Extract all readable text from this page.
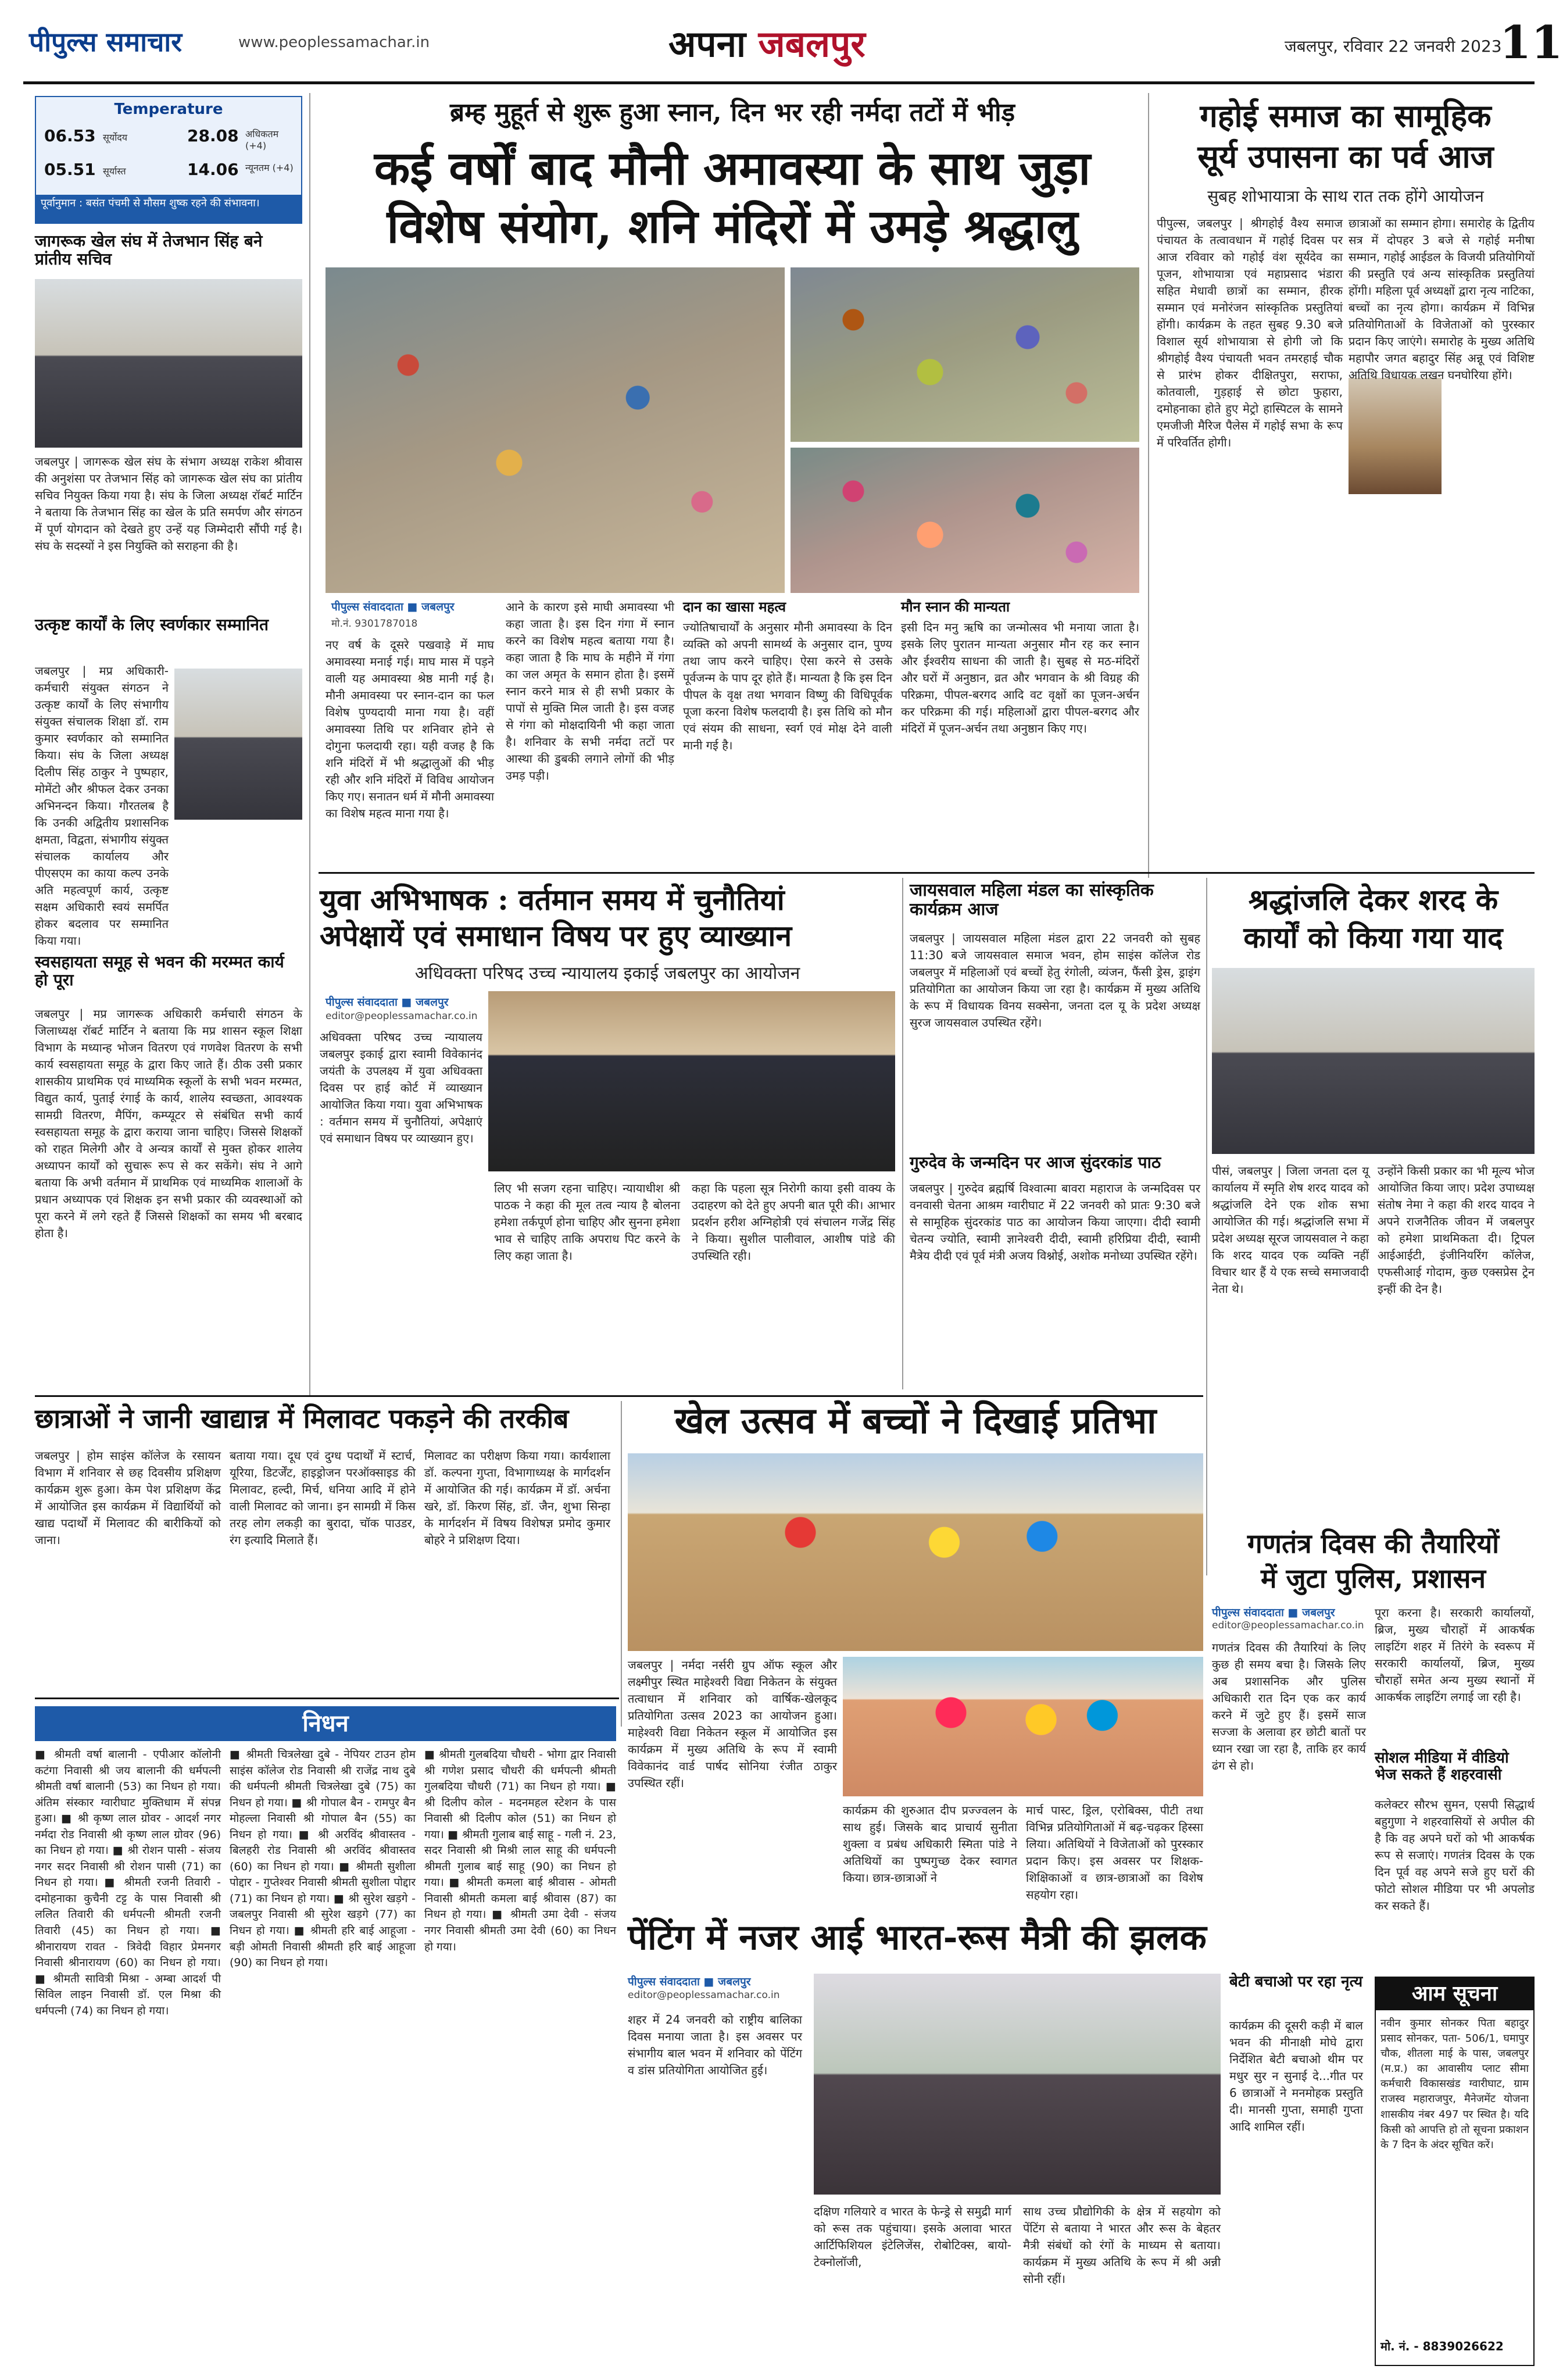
पीपुल्स समाचार	www.peoplessamachar.in	अपना जबलपुर	जबलपुर, रविवार 22 जनवरी 2023
11
Temperature
06.53 सूर्योदय	28.08 अधिकतम (+4)
05.51 सूर्यास्त	14.06 न्यूनतम (+4)
पूर्वानुमान : बसंत पंचमी से मौसम शुष्क रहने की संभावना।
जागरूक खेल संघ में तेजभान सिंह बने प्रांतीय सचिव
जबलपुर | जागरूक खेल संघ के संभाग अध्यक्ष राकेश श्रीवास की अनुशंसा पर तेजभान सिंह को जागरूक खेल संघ का प्रांतीय सचिव नियुक्त किया गया है। संघ के जिला अध्यक्ष रॉबर्ट मार्टिन ने बताया कि तेजभान सिंह का खेल के प्रति समर्पण और संगठन में पूर्ण योगदान को देखते हुए उन्हें यह जिम्मेदारी सौंपी गई है। संघ के सदस्यों ने इस नियुक्ति को सराहना की है।
उत्कृष्ट कार्यों के लिए स्वर्णकार सम्मानित
जबलपुर | मप्र अधिकारी-कर्मचारी संयुक्त संगठन ने उत्कृष्ट कार्यों के लिए संभागीय संयुक्त संचालक शिक्षा डॉ. राम कुमार स्वर्णकार को सम्मानित किया। संघ के जिला अध्यक्ष दिलीप सिंह ठाकुर ने पुष्पहार, मोमेंटो और श्रीफल देकर उनका अभिनन्दन किया। गौरतलब है कि उनकी अद्वितीय प्रशासनिक क्षमता, विद्वता, संभागीय संयुक्त संचालक कार्यालय और पीएसएम का काया कल्प उनके अति महत्वपूर्ण कार्य, उत्कृष्ट सक्षम अधिकारी स्वयं समर्पित होकर बदलाव पर सम्मानित किया गया।
स्वसहायता समूह से भवन की मरम्मत कार्य हो पूरा
जबलपुर | मप्र जागरूक अधिकारी कर्मचारी संगठन के जिलाध्यक्ष रॉबर्ट मार्टिन ने बताया कि मप्र शासन स्कूल शिक्षा विभाग के मध्यान्ह भोजन वितरण एवं गणवेश वितरण के सभी कार्य स्वसहायता समूह के द्वारा किए जाते हैं। ठीक उसी प्रकार शासकीय प्राथमिक एवं माध्यमिक स्कूलों के सभी भवन मरम्मत, विद्युत कार्य, पुताई रंगाई के कार्य, शालेय स्वच्छता, आवश्यक सामग्री वितरण, मैपिंग, कम्प्यूटर से संबंधित सभी कार्य स्वसहायता समूह के द्वारा कराया जाना चाहिए। जिससे शिक्षकों को राहत मिलेगी और वे अन्यत्र कार्यों से मुक्त होकर शालेय अध्यापन कार्यों को सुचारू रूप से कर सकेंगे। संघ ने आगे बताया कि अभी वर्तमान में प्राथमिक एवं माध्यमिक शालाओं के प्रधान अध्यापक एवं शिक्षक इन सभी प्रकार की व्यवस्थाओं को पूरा करने में लगे रहते हैं जिससे शिक्षकों का समय भी बरबाद होता है।
ब्रम्ह मुहूर्त से शुरू हुआ स्नान, दिन भर रही नर्मदा तटों में भीड़
कई वर्षों बाद मौनी अमावस्या के साथ जुड़ा
विशेष संयोग, शनि मंदिरों में उमड़े श्रद्धालु
पीपुल्स संवाददाता ■ जबलपुर
मो.नं. 9301787018
नए वर्ष के दूसरे पखवाड़े में माघ अमावस्या मनाई गई। माघ मास में पड़ने वाली यह अमावस्या श्रेष्ठ मानी गई है। मौनी अमावस्या पर स्नान-दान का फल विशेष पुण्यदायी माना गया है। वहीं अमावस्या तिथि पर शनिवार होने से दोगुना फलदायी रहा। यही वजह है कि शनि मंदिरों में भी श्रद्धालुओं की भीड़ रही और शनि मंदिरों में विविध आयोजन किए गए। सनातन धर्म में मौनी अमावस्या का विशेष महत्व माना गया है।
आने के कारण इसे माघी अमावस्या भी कहा जाता है। इस दिन गंगा में स्नान करने का विशेष महत्व बताया गया है। कहा जाता है कि माघ के महीने में गंगा का जल अमृत के समान होता है। इसमें स्नान करने मात्र से ही सभी प्रकार के पापों से मुक्ति मिल जाती है। इस वजह से गंगा को मोक्षदायिनी भी कहा जाता है। शनिवार के सभी नर्मदा तटों पर आस्था की डुबकी लगाने लोगों की भीड़ उमड़ पड़ी।
दान का खासा महत्व
ज्योतिषाचार्यों के अनुसार मौनी अमावस्या के दिन व्यक्ति को अपनी सामर्थ्य के अनुसार दान, पुण्य तथा जाप करने चाहिए। ऐसा करने से उसके पूर्वजन्म के पाप दूर होते हैं। मान्यता है कि इस दिन पीपल के वृक्ष तथा भगवान विष्णु की विधिपूर्वक पूजा करना विशेष फलदायी है। इस तिथि को मौन एवं संयम की साधना, स्वर्ग एवं मोक्ष देने वाली मानी गई है।
मौन स्नान की मान्यता
इसी दिन मनु ऋषि का जन्मोत्सव भी मनाया जाता है। इसके लिए पुरातन मान्यता अनुसार मौन रह कर स्नान और ईश्वरीय साधना की जाती है। सुबह से मठ-मंदिरों और घरों में अनुष्ठान, व्रत और भगवान के श्री विग्रह की परिक्रमा, पीपल-बरगद आदि वट वृक्षों का पूजन-अर्चन कर परिक्रमा की गई। महिलाओं द्वारा पीपल-बरगद और मंदिरों में पूजन-अर्चन तथा अनुष्ठान किए गए।
गहोई समाज का सामूहिक
सूर्य उपासना का पर्व आज
सुबह शोभायात्रा के साथ रात तक होंगे आयोजन
पीपुल्स, जबलपुर | श्रीगहोई वैश्य समाज पंचायत के तत्वावधान में गहोई दिवस पर आज रविवार को गहोई वंश सूर्यदेव का पूजन, शोभायात्रा एवं महाप्रसाद भंडारा सहित मेधावी छात्रों का सम्मान, हीरक सम्मान एवं मनोरंजन सांस्कृतिक प्रस्तुतियां होंगी। कार्यक्रम के तहत सुबह 9.30 बजे विशाल सूर्य शोभायात्रा से होगी जो कि श्रीगहोई वैश्य पंचायती भवन तमरहाई चौक से प्रारंभ होकर दीक्षितपुरा, सराफा, कोतवाली, गुड़हाई से छोटा फुहारा, दमोहनाका होते हुए मेट्रो हास्पिटल के सामने एमजीजी मैरिज पैलेस में गहोई सभा के रूप में परिवर्तित होगी।
छात्राओं का सम्मान होगा। समारोह के द्वितीय सत्र में दोपहर 3 बजे से गहोई मनीषा सम्मान, गहोई आईडल के विजयी प्रतियोगियों की प्रस्तुति एवं अन्य सांस्कृतिक प्रस्तुतियां होंगी। महिला पूर्व अध्यक्षों द्वारा नृत्य नाटिका, बच्चों का नृत्य होगा। कार्यक्रम में विभिन्न प्रतियोगिताओं के विजेताओं को पुरस्कार प्रदान किए जाएंगे। समारोह के मुख्य अतिथि महापौर जगत बहादुर सिंह अन्नू एवं विशिष्ट अतिथि विधायक लखन घनघोरिया होंगे।
युवा अभिभाषक : वर्तमान समय में चुनौतियां
अपेक्षायें एवं समाधान विषय पर हुए व्याख्यान
अधिवक्ता परिषद उच्च न्यायालय इकाई जबलपुर का आयोजन
पीपुल्स संवाददाता ■ जबलपुर
editor@peoplessamachar.co.in
अधिवक्ता परिषद उच्च न्यायालय जबलपुर इकाई द्वारा स्वामी विवेकानंद जयंती के उपलक्ष्य में युवा अधिवक्ता दिवस पर हाई कोर्ट में व्याख्यान आयोजित किया गया। युवा अभिभाषक : वर्तमान समय में चुनौतियां, अपेक्षाएं एवं समाधान विषय पर व्याख्यान हुए।
लिए भी सजग रहना चाहिए। न्यायाधीश श्री पाठक ने कहा की मूल तत्व न्याय है बोलना हमेशा तर्कपूर्ण होना चाहिए और सुनना हमेशा भाव से चाहिए ताकि अपराध पिट करने के लिए कहा जाता है।
कहा कि पहला सूत्र निरोगी काया इसी वाक्य के उदाहरण को देते हुए अपनी बात पूरी की। आभार प्रदर्शन हरीश अग्निहोत्री एवं संचालन गजेंद्र सिंह ने किया। सुशील पालीवाल, आशीष पांडे की उपस्थिति रही।
जायसवाल महिला मंडल का सांस्कृतिक कार्यक्रम आज
जबलपुर | जायसवाल महिला मंडल द्वारा 22 जनवरी को सुबह 11:30 बजे जायसवाल समाज भवन, होम साइंस कॉलेज रोड जबलपुर में महिलाओं एवं बच्चों हेतु रंगोली, व्यंजन, फैंसी ड्रेस, ड्राइंग प्रतियोगिता का आयोजन किया जा रहा है। कार्यक्रम में मुख्य अतिथि के रूप में विधायक विनय सक्सेना, जनता दल यू के प्रदेश अध्यक्ष सुरज जायसवाल उपस्थित रहेंगे।
गुरुदेव के जन्मदिन पर आज सुंदरकांड पाठ
जबलपुर | गुरुदेव ब्रह्मर्षि विश्वात्मा बावरा महाराज के जन्मदिवस पर वनवासी चेतना आश्रम ग्वारीघाट में 22 जनवरी को प्रातः 9:30 बजे से सामूहिक सुंदरकांड पाठ का आयोजन किया जाएगा। दीदी स्वामी चेतन्य ज्योति, स्वामी ज्ञानेश्वरी दीदी, स्वामी हरिप्रिया दीदी, स्वामी मैत्रेय दीदी एवं पूर्व मंत्री अजय विश्नोई, अशोक मनोध्या उपस्थित रहेंगे।
श्रद्धांजलि देकर शरद के
कार्यों को किया गया याद
पीसं, जबलपुर | जिला जनता दल यू कार्यालय में स्मृति शेष शरद यादव को श्रद्धांजलि देने एक शोक सभा आयोजित की गई। श्रद्धांजलि सभा में प्रदेश अध्यक्ष सूरज जायसवाल ने कहा कि शरद यादव एक व्यक्ति नहीं विचार थार हैं ये एक सच्चे समाजवादी नेता थे।
उन्होंने किसी प्रकार का भी मूल्य भोज आयोजित किया जाए। प्रदेश उपाध्यक्ष संतोष नेमा ने कहा की शरद यादव ने अपने राजनैतिक जीवन में जबलपुर को हमेशा प्राथमिकता दी। ट्रिपल आईआईटी, इंजीनियरिंग कॉलेज, एफसीआई गोदाम, कुछ एक्सप्रेस ट्रेन इन्हीं की देन है।
छात्राओं ने जानी खाद्यान्न में मिलावट पकड़ने की तरकीब
जबलपुर | होम साइंस कॉलेज के रसायन विभाग में शनिवार से छह दिवसीय प्रशिक्षण कार्यक्रम शुरू हुआ। केम पेश प्रशिक्षण केंद्र में आयोजित इस कार्यक्रम में विद्यार्थियों को खाद्य पदार्थों में मिलावट की बारीकियों को जाना।
बताया गया। दूध एवं दुग्ध पदार्थों में स्टार्च, यूरिया, डिटर्जेंट, हाइड्रोजन परऑक्साइड की मिलावट, हल्दी, मिर्च, धनिया आदि में होने वाली मिलावट को जाना। इन सामग्री में किस तरह लोग लकड़ी का बुरादा, चॉक पाउडर, रंग इत्यादि मिलाते हैं।
मिलावट का परीक्षण किया गया। कार्यशाला डॉ. कल्पना गुप्ता, विभागाध्यक्ष के मार्गदर्शन में आयोजित की गई। कार्यक्रम में डॉ. अर्चना खरे, डॉ. किरण सिंह, डॉ. जैन, शुभा सिन्हा के मार्गदर्शन में विषय विशेषज्ञ प्रमोद कुमार बोहरे ने प्रशिक्षण दिया।
खेल उत्सव में बच्चों ने दिखाई प्रतिभा
जबलपुर | नर्मदा नर्सरी ग्रुप ऑफ स्कूल और लक्ष्मीपुर स्थित माहेश्वरी विद्या निकेतन के संयुक्त तत्वाधान में शनिवार को वार्षिक-खेलकूद प्रतियोगिता उत्सव 2023 का आयोजन हुआ। माहेश्वरी विद्या निकेतन स्कूल में आयोजित इस कार्यक्रम में मुख्य अतिथि के रूप में स्वामी विवेकानंद वार्ड पार्षद सोनिया रंजीत ठाकुर उपस्थित रहीं।
कार्यक्रम की शुरुआत दीप प्रज्ज्वलन के साथ हुई। जिसके बाद प्राचार्य सुनीता शुक्ला व प्रबंध अधिकारी स्मिता पांडे ने अतिथियों का पुष्पगुच्छ देकर स्वागत किया। छात्र-छात्राओं ने
मार्च पास्ट, ड्रिल, एरोबिक्स, पीटी तथा विभिन्न प्रतियोगिताओं में बढ़-चढ़कर हिस्सा लिया। अतिथियों ने विजेताओं को पुरस्कार प्रदान किए। इस अवसर पर शिक्षक-शिक्षिकाओं व छात्र-छात्राओं का विशेष सहयोग रहा।
निधन
■ श्रीमती वर्षा बालानी - एपीआर कॉलोनी कटंगा निवासी श्री जय बालानी की धर्मपत्नी श्रीमती वर्षा बालानी (53) का निधन हो गया। अंतिम संस्कार ग्वारीघाट मुक्तिधाम में संपन्न हुआ। ■ श्री कृष्ण लाल ग्रोवर - आदर्श नगर नर्मदा रोड निवासी श्री कृष्ण लाल ग्रोवर (96) का निधन हो गया। ■ श्री रोशन पासी - संजय नगर सदर निवासी श्री रोशन पासी (71) का निधन हो गया। ■ श्रीमती रजनी तिवारी - दमोहनाका कुचैनी टट्ट के पास निवासी श्री ललित तिवारी की धर्मपत्नी श्रीमती रजनी तिवारी (45) का निधन हो गया। ■ श्रीनारायण रावत - त्रिवेदी विहार प्रेमनगर निवासी श्रीनारायण (60) का निधन हो गया। ■ श्रीमती सावित्री मिश्रा - अम्बा आदर्श पी सिविल लाइन निवासी डॉ. एल मिश्रा की धर्मपत्नी (74) का निधन हो गया।
■ श्रीमती चित्रलेखा दुबे - नेपियर टाउन होम साइंस कॉलेज रोड निवासी श्री राजेंद्र नाथ दुबे की धर्मपत्नी श्रीमती चित्रलेखा दुबे (75) का निधन हो गया। ■ श्री गोपाल बैन - रामपुर बैन मोहल्ला निवासी श्री गोपाल बैन (55) का निधन हो गया। ■ श्री अरविंद श्रीवास्तव - बिलहरी रोड निवासी श्री अरविंद श्रीवास्तव (60) का निधन हो गया। ■ श्रीमती सुशीला पोद्दार - गुप्तेश्वर निवासी श्रीमती सुशीला पोद्दार (71) का निधन हो गया। ■ श्री सुरेश खड़गे - जबलपुर निवासी श्री सुरेश खड़गे (77) का निधन हो गया। ■ श्रीमती हरि बाई आहूजा - बड़ी ओमती निवासी श्रीमती हरि बाई आहूजा (90) का निधन हो गया।
■ श्रीमती गुलबदिया चौधरी - भोगा द्वार निवासी श्री गणेश प्रसाद चौधरी की धर्मपत्नी श्रीमती गुलबदिया चौधरी (71) का निधन हो गया। ■ श्री दिलीप कोल - मदनमहल स्टेशन के पास निवासी श्री दिलीप कोल (51) का निधन हो गया। ■ श्रीमती गुलाब बाई साहू - गली नं. 23, सदर निवासी श्री मिश्री लाल साहू की धर्मपत्नी श्रीमती गुलाब बाई साहू (90) का निधन हो गया। ■ श्रीमती कमला बाई श्रीवास - ओमती निवासी श्रीमती कमला बाई श्रीवास (87) का निधन हो गया। ■ श्रीमती उमा देवी - संजय नगर निवासी श्रीमती उमा देवी (60) का निधन हो गया।
गणतंत्र दिवस की तैयारियों
में जुटा पुलिस, प्रशासन
पीपुल्स संवाददाता ■ जबलपुर
editor@peoplessamachar.co.in
गणतंत्र दिवस की तैयारियां के लिए कुछ ही समय बचा है। जिसके लिए अब प्रशासनिक और पुलिस अधिकारी रात दिन एक कर कार्य करने में जुटे हुए हैं। इसमें साज सज्जा के अलावा हर छोटी बातों पर ध्यान रखा जा रहा है, ताकि हर कार्य ढंग से हो।
पूरा करना है। सरकारी कार्यालयों, ब्रिज, मुख्य चौराहों में आकर्षक लाइटिंग शहर में तिरंगे के स्वरूप में सरकारी कार्यालयों, ब्रिज, मुख्य चौराहों समेत अन्य मुख्य स्थानों में आकर्षक लाइटिंग लगाई जा रही है।
सोशल मीडिया में वीडियो भेज सकते हैं शहरवासी
कलेक्टर सौरभ सुमन, एसपी सिद्धार्थ बहुगुणा ने शहरवासियों से अपील की है कि वह अपने घरों को भी आकर्षक रूप से सजाएं। गणतंत्र दिवस के एक दिन पूर्व वह अपने सजे हुए घरों की फोटो सोशल मीडिया पर भी अपलोड कर सकते हैं।
पेंटिंग में नजर आई भारत-रूस मैत्री की झलक
पीपुल्स संवाददाता ■ जबलपुर
editor@peoplessamachar.co.in
शहर में 24 जनवरी को राष्ट्रीय बालिका दिवस मनाया जाता है। इस अवसर पर संभागीय बाल भवन में शनिवार को पेंटिंग व डांस प्रतियोगिता आयोजित हुई।
दक्षिण गलियारे व भारत के फेन्ड्रे से समुद्री मार्ग को रूस तक पहुंचाया। इसके अलावा भारत आर्टिफिशियल इंटेलिजेंस, रोबोटिक्स, बायो-टेक्नोलॉजी,
साथ उच्च प्रौद्योगिकी के क्षेत्र में सहयोग को पेंटिंग से बताया ने भारत और रूस के बेहतर मैत्री संबंधों को रंगों के माध्यम से बताया। कार्यक्रम में मुख्य अतिथि के रूप में श्री अन्नी सोनी रहीं।
बेटी बचाओ पर रहा नृत्य
कार्यक्रम की दूसरी कड़ी में बाल भवन की मीनाक्षी मोघे द्वारा निर्देशित बेटी बचाओ थीम पर मधुर सुर न सुनाई दे...गीत पर 6 छात्राओं ने मनमोहक प्रस्तुति दी। मानसी गुप्ता, समाही गुप्ता आदि शामिल रहीं।
आम सूचना
नवीन कुमार सोनकर पिता बहादुर प्रसाद सोनकर, पता- 506/1, घमापुर चौक, शीतला माई के पास, जबलपुर (म.प्र.) का आवासीय प्लाट सीमा कर्मचारी विकासखंड ग्वारीघाट, ग्राम राजस्व महाराजपुर, मैनेजमेंट योजना शासकीय नंबर 497 पर स्थित है। यदि किसी को आपत्ति हो तो सूचना प्रकाशन के 7 दिन के अंदर सूचित करें।
मो. नं. - 8839026622
